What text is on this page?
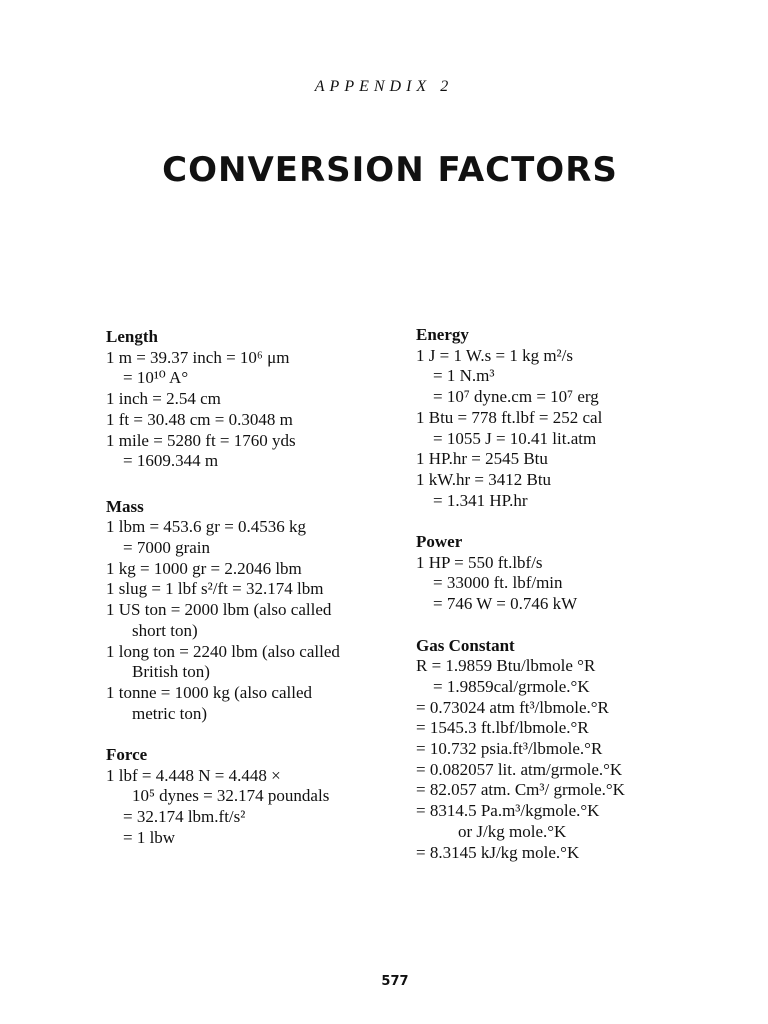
APPENDIX 2
CONVERSION FACTORS
Length
1 m = 39.37 inch = 10⁶ μm
= 10¹⁰ A°
1 inch = 2.54 cm
1 ft = 30.48 cm = 0.3048 m
1 mile = 5280 ft = 1760 yds
= 1609.344 m
Mass
1 lbm = 453.6 gr = 0.4536 kg
= 7000 grain
1 kg = 1000 gr = 2.2046 lbm
1 slug = 1 lbf s²/ft = 32.174 lbm
1 US ton = 2000 lbm (also called
short ton)
1 long ton = 2240 lbm (also called
British ton)
1 tonne = 1000 kg (also called
metric ton)
Force
1 lbf = 4.448 N = 4.448 ×
10⁵ dynes = 32.174 poundals
= 32.174 lbm.ft/s²
= 1 lbw
Energy
1 J = 1 W.s = 1 kg m²/s
= 1 N.m³
= 10⁷ dyne.cm = 10⁷ erg
1 Btu = 778 ft.lbf = 252 cal
= 1055 J = 10.41 lit.atm
1 HP.hr = 2545 Btu
1 kW.hr = 3412 Btu
= 1.341 HP.hr
Power
1 HP = 550 ft.lbf/s
= 33000 ft. lbf/min
= 746 W = 0.746 kW
Gas Constant
R = 1.9859 Btu/lbmole °R
= 1.9859cal/grmole.°K
= 0.73024 atm ft³/lbmole.°R
= 1545.3 ft.lbf/lbmole.°R
= 10.732 psia.ft³/lbmole.°R
= 0.082057 lit. atm/grmole.°K
= 82.057 atm. Cm³/ grmole.°K
= 8314.5 Pa.m³/kgmole.°K
or J/kg mole.°K
= 8.3145 kJ/kg mole.°K
577
